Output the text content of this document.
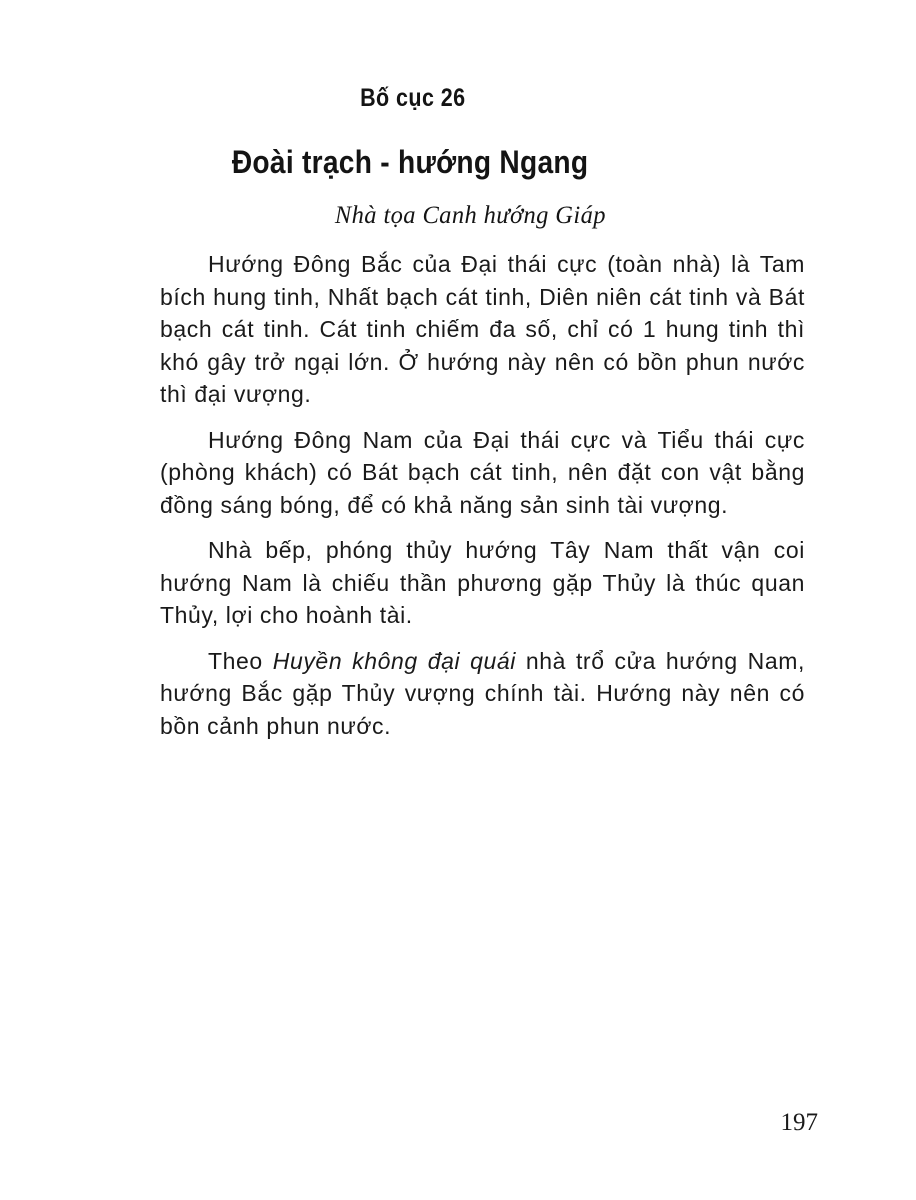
Bố cục 26
Đoài trạch - hướng Ngang
Nhà tọa Canh hướng Giáp

Hướng Đông Bắc của Đại thái cực (toàn nhà) là Tam bích hung tinh, Nhất bạch cát tinh, Diên niên cát tinh và Bát bạch cát tinh. Cát tinh chiếm đa số, chỉ có 1 hung tinh thì khó gây trở ngại lớn. Ở hướng này nên có bồn phun nước thì đại vượng.

Hướng Đông Nam của Đại thái cực và Tiểu thái cực (phòng khách) có Bát bạch cát tinh, nên đặt con vật bằng đồng sáng bóng, để có khả năng sản sinh tài vượng.

Nhà bếp, phóng thủy hướng Tây Nam thất vận coi hướng Nam là chiếu thần phương gặp Thủy là thúc quan Thủy, lợi cho hoành tài.

Theo Huyền không đại quái nhà trổ cửa hướng Nam, hướng Bắc gặp Thủy vượng chính tài. Hướng này nên có bồn cảnh phun nước.

197
